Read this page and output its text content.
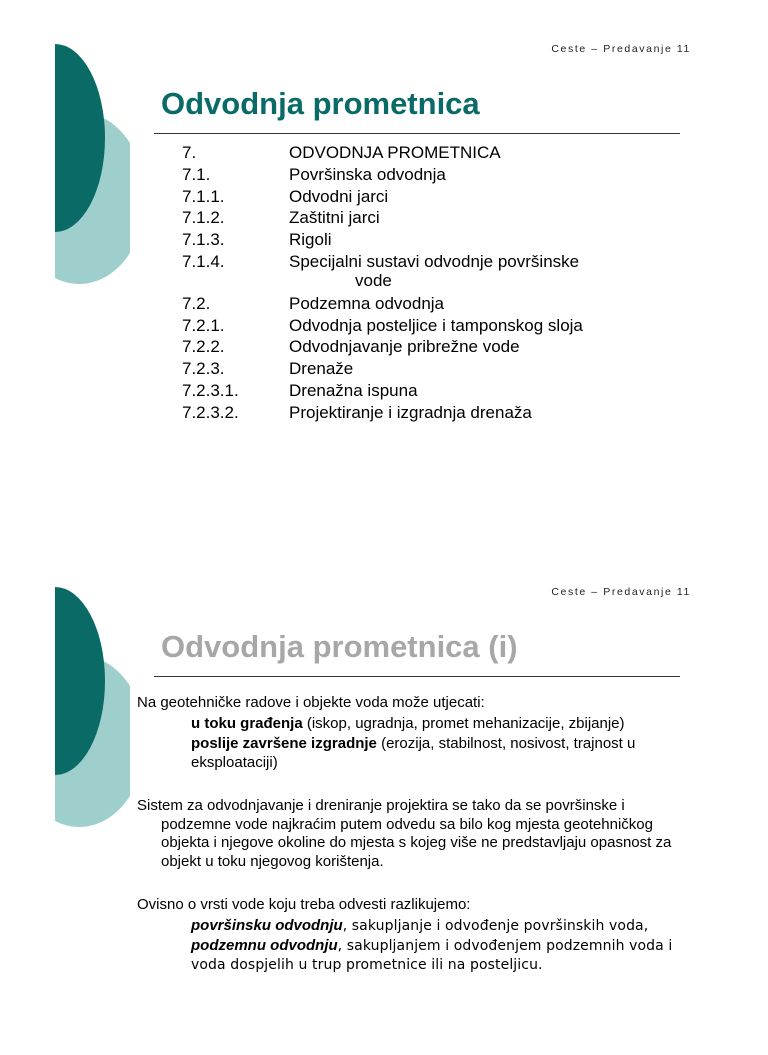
Ceste – Predavanje 11
Odvodnja prometnica
7.	ODVODNJA PROMETNICA
7.1.	Površinska odvodnja
7.1.1.	Odvodni jarci
7.1.2.	Zaštitni jarci
7.1.3.	Rigoli
7.1.4.	Specijalni sustavi odvodnje površinske
vode
7.2.	Podzemna odvodnja
7.2.1.	Odvodnja posteljice i tamponskog sloja
7.2.2.	Odvodnjavanje pribrežne vode
7.2.3.	Drenaže
7.2.3.1.	Drenažna ispuna
7.2.3.2.	Projektiranje i izgradnja drenaža
Ceste – Predavanje 11
Odvodnja prometnica (i)
Na geotehničke radove i objekte voda može utjecati:
u toku građenja (iskop, ugradnja, promet mehanizacije, zbijanje)
poslije završene izgradnje (erozija, stabilnost, nosivost, trajnost u eksploataciji)
Sistem za odvodnjavanje i dreniranje projektira se tako da se površinske i podzemne vode najkraćim putem odvedu sa bilo kog mjesta geotehničkog objekta i njegove okoline do mjesta s kojeg više ne predstavljaju opasnost za objekt u toku njegovog korištenja.
Ovisno o vrsti vode koju treba odvesti razlikujemo:
površinsku odvodnju, sakupljanje i odvođenje površinskih voda,
podzemnu odvodnju, sakupljanjem i odvođenjem podzemnih voda i voda dospjelih u trup prometnice ili na posteljicu.
